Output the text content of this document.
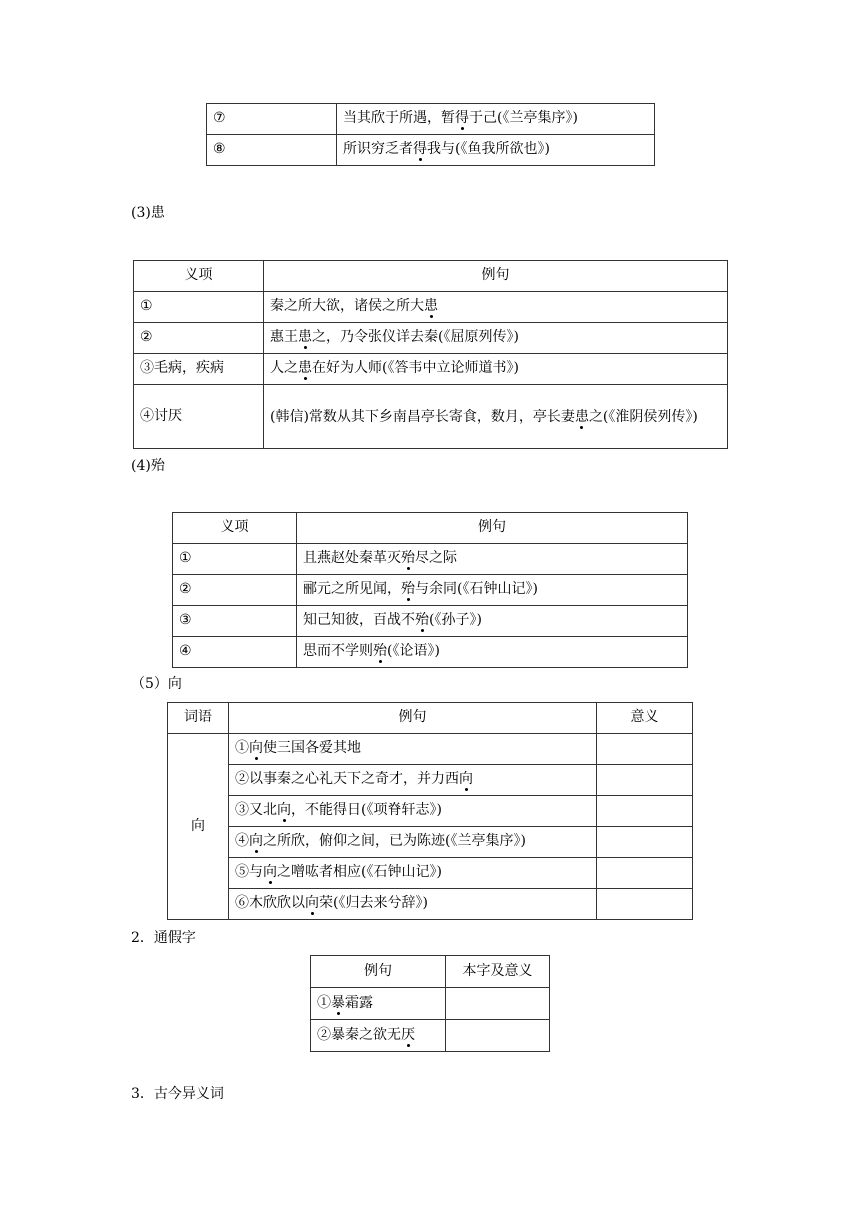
⑦	当其欣于所遇，暂得于己(《兰亭集序》)
⑧	所识穷乏者得我与(《鱼我所欲也》)
(3)患
义项	例句
①	秦之所大欲，诸侯之所大患
②	惠王患之，乃令张仪详去秦(《屈原列传》)
③毛病，疾病	人之患在好为人师(《答韦中立论师道书》)
④讨厌	(韩信)常数从其下乡南昌亭长寄食，数月，亭长妻患之(《淮阴侯列传》)
(4)殆
义项	例句
①	且燕赵处秦革灭殆尽之际
②	郦元之所见闻，殆与余同(《石钟山记》)
③	知己知彼，百战不殆(《孙子》)
④	思而不学则殆(《论语》)
（5）向
词语	例句	意义
向	①向使三国各爱其地	
	②以事秦之心礼天下之奇才，并力西向	
	③又北向，不能得日(《项脊轩志》)	
	④向之所欣，俯仰之间，已为陈迹(《兰亭集序》)	
	⑤与向之噌吰者相应(《石钟山记》)	
	⑥木欣欣以向荣(《归去来兮辞》)	
2．通假字
例句	本字及意义
①暴霜露	
②暴秦之欲无厌	
3．古今异义词
